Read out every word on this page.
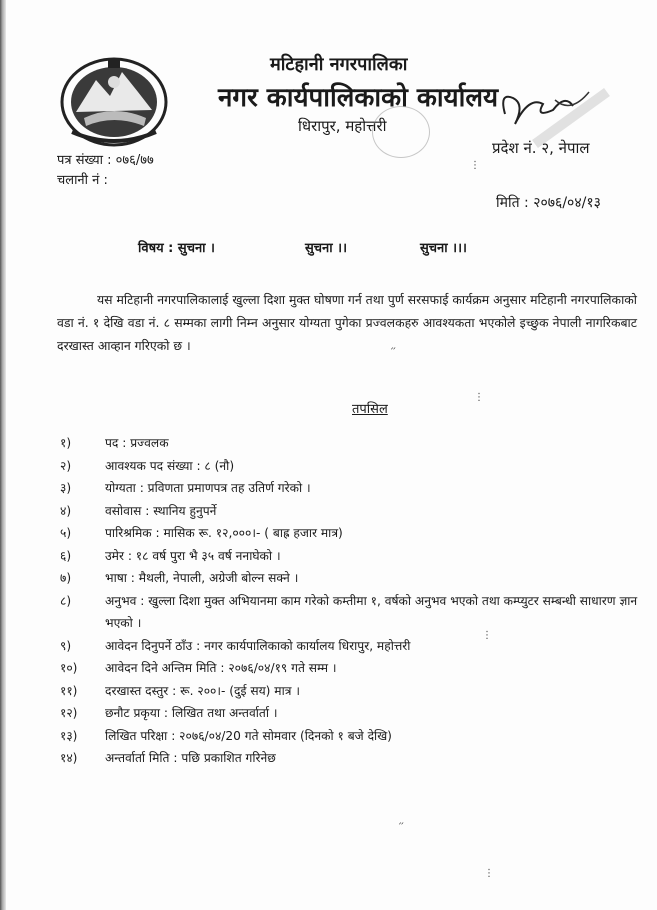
मटिहानी नगरपालिका
नगर कार्यपालिकाको कार्यालय
धिरापुर, महोत्तरी
प्रदेश नं. २, नेपाल
पत्र संख्या : ०७६/७७
चलानी नं :
मिति : २०७६/०४/१३
विषय : सुचना ।	सुचना ।।	सुचना ।।।
यस मटिहानी नगरपालिकालाई खुल्ला दिशा मुक्त घोषणा गर्न तथा पुर्ण सरसफाई कार्यक्रम अनुसार मटिहानी नगरपालिकाको वडा नं. १ देखि वडा नं. ८ सम्मका लागी निम्न अनुसार योग्यता पुगेका प्रज्वलकहरु आवश्यकता भएकोले इच्छुक नेपाली नागरिकबाट दरखास्त आव्हान गरिएको छ ।
तपसिल
१)	पद : प्रज्वलक
२)	आवश्यक पद संख्या : ८ (नौ)
३)	योग्यता : प्रविणता प्रमाणपत्र तह उतिर्ण गरेको ।
४)	वसोवास : स्थानिय हुनुपर्ने
५)	पारिश्रमिक : मासिक रू. १२,०००।- ( बाह्र हजार मात्र)
६)	उमेर : १८ वर्ष पुरा भै ३५ वर्ष ननाघेको ।
७)	भाषा : मैथली, नेपाली, अग्रेजी बोल्न सक्ने ।
८)	अनुभव : खुल्ला दिशा मुक्त अभियानमा काम गरेको कम्तीमा १, वर्षको अनुभव भएको तथा कम्प्युटर सम्बन्धी साधारण ज्ञान भएको ।
९)	आवेदन दिनुपर्ने ठाँउ : नगर कार्यपालिकाको कार्यालय धिरापुर, महोत्तरी
१०)	आवेदन दिने अन्तिम मिति : २०७६/०४/१९ गते सम्म ।
११)	दरखास्त दस्तुर : रू. २००।- (दुई सय) मात्र ।
१२)	छनौट प्रकृया : लिखित तथा अन्तर्वार्ता ।
१३)	लिखित परिक्षा : २०७६/०४/20 गते सोमवार (दिनको १ बजे देखि)
१४)	अन्तर्वार्ता मिति : पछि प्रकाशित गरिनेछ
⋮
״
⋮
⋮
״
⋮
